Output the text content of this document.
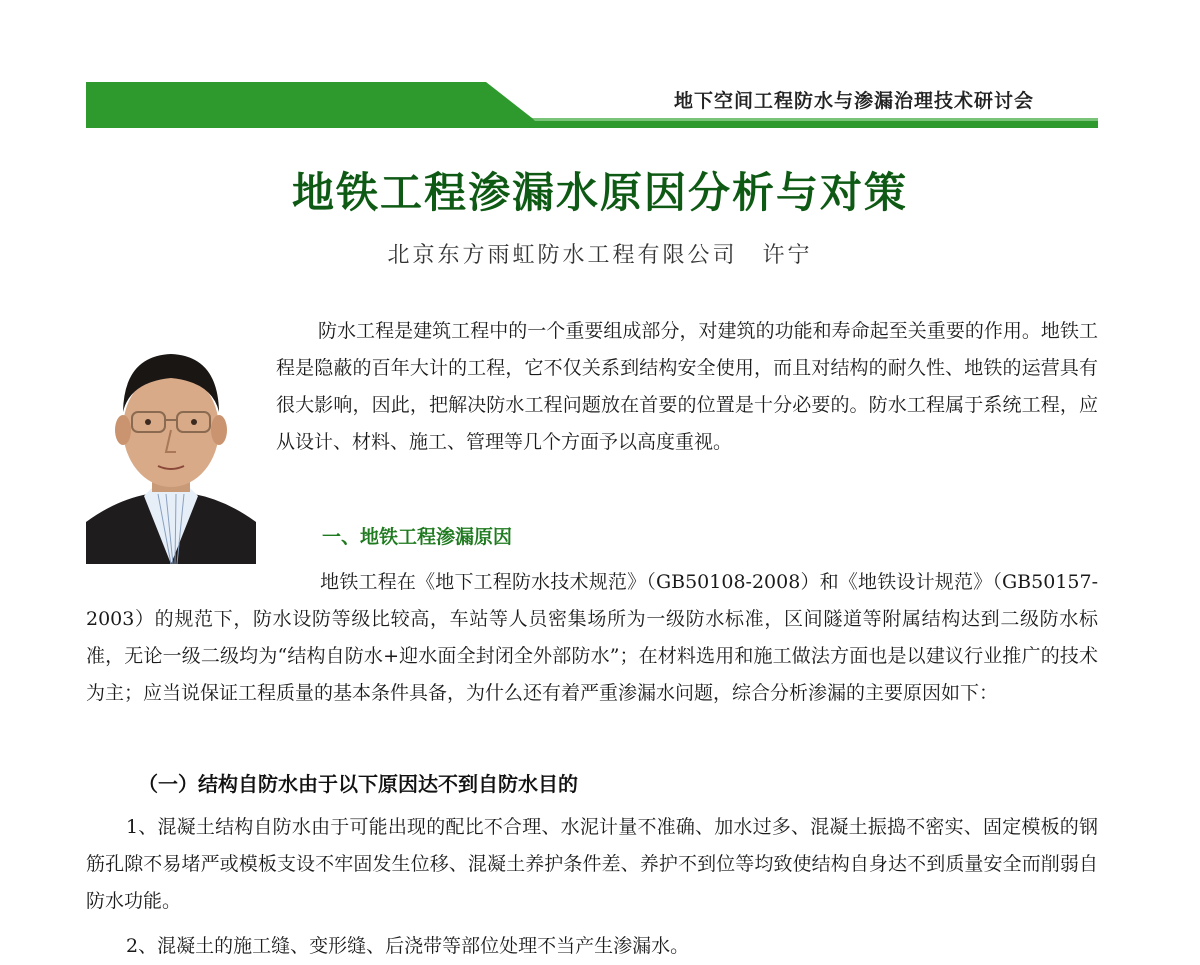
地下空间工程防水与渗漏治理技术研讨会
地铁工程渗漏水原因分析与对策
北京东方雨虹防水工程有限公司　许宁
防水工程是建筑工程中的一个重要组成部分，对建筑的功能和寿命起至关重要的作用。地铁工程是隐蔽的百年大计的工程，它不仅关系到结构安全使用，而且对结构的耐久性、地铁的运营具有很大影响，因此，把解决防水工程问题放在首要的位置是十分必要的。防水工程属于系统工程，应从设计、材料、施工、管理等几个方面予以高度重视。
一、地铁工程渗漏原因
地铁工程在《地下工程防水技术规范》（GB50108-2008）和《地铁设计规范》（GB50157-2003）的规范下，防水设防等级比较高，车站等人员密集场所为一级防水标准，区间隧道等附属结构达到二级防水标准，无论一级二级均为“结构自防水+迎水面全封闭全外部防水”；在材料选用和施工做法方面也是以建议行业推广的技术为主；应当说保证工程质量的基本条件具备，为什么还有着严重渗漏水问题，综合分析渗漏的主要原因如下：
（一）结构自防水由于以下原因达不到自防水目的
1、混凝土结构自防水由于可能出现的配比不合理、水泥计量不准确、加水过多、混凝土振捣不密实、固定模板的钢筋孔隙不易堵严或模板支设不牢固发生位移、混凝土养护条件差、养护不到位等均致使结构自身达不到质量安全而削弱自防水功能。
2、混凝土的施工缝、变形缝、后浇带等部位处理不当产生渗漏水。
